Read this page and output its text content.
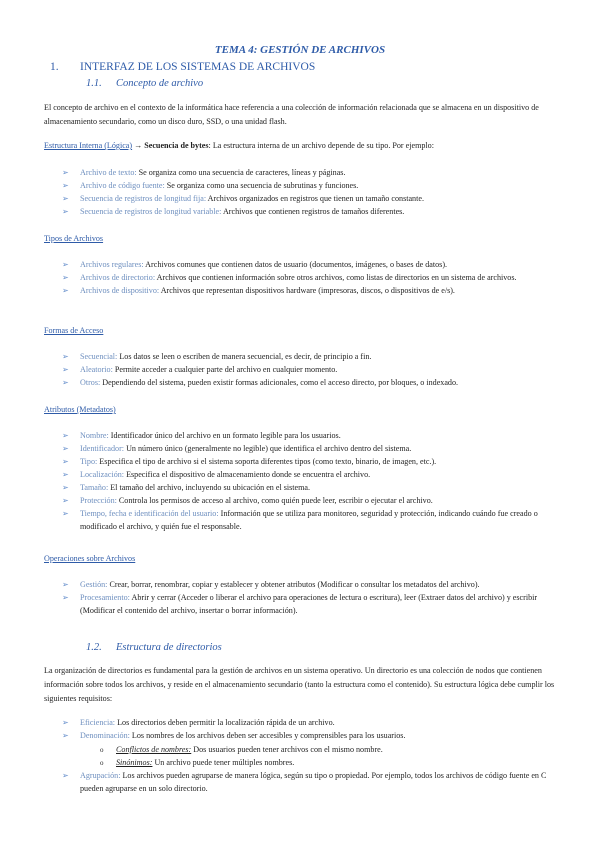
TEMA 4: GESTIÓN DE ARCHIVOS
1. INTERFAZ DE LOS SISTEMAS DE ARCHIVOS
1.1. Concepto de archivo
El concepto de archivo en el contexto de la informática hace referencia a una colección de información relacionada que se almacena en un dispositivo de almacenamiento secundario, como un disco duro, SSD, o una unidad flash.
Estructura Interna (Lógica) → Secuencia de bytes: La estructura interna de un archivo depende de su tipo. Por ejemplo:
➢ Archivo de texto: Se organiza como una secuencia de caracteres, líneas y páginas.
➢ Archivo de código fuente: Se organiza como una secuencia de subrutinas y funciones.
➢ Secuencia de registros de longitud fija: Archivos organizados en registros que tienen un tamaño constante.
➢ Secuencia de registros de longitud variable: Archivos que contienen registros de tamaños diferentes.
Tipos de Archivos
➢ Archivos regulares: Archivos comunes que contienen datos de usuario (documentos, imágenes, o bases de datos).
➢ Archivos de directorio: Archivos que contienen información sobre otros archivos, como listas de directorios en un sistema de archivos.
➢ Archivos de dispositivo: Archivos que representan dispositivos hardware (impresoras, discos, o dispositivos de e/s).
Formas de Acceso
➢ Secuencial: Los datos se leen o escriben de manera secuencial, es decir, de principio a fin.
➢ Aleatorio: Permite acceder a cualquier parte del archivo en cualquier momento.
➢ Otros: Dependiendo del sistema, pueden existir formas adicionales, como el acceso directo, por bloques, o indexado.
Atributos (Metadatos)
➢ Nombre: Identificador único del archivo en un formato legible para los usuarios.
➢ Identificador: Un número único (generalmente no legible) que identifica el archivo dentro del sistema.
➢ Tipo: Especifica el tipo de archivo si el sistema soporta diferentes tipos (como texto, binario, de imagen, etc.).
➢ Localización: Especifica el dispositivo de almacenamiento donde se encuentra el archivo.
➢ Tamaño: El tamaño del archivo, incluyendo su ubicación en el sistema.
➢ Protección: Controla los permisos de acceso al archivo, como quién puede leer, escribir o ejecutar el archivo.
➢ Tiempo, fecha e identificación del usuario: Información que se utiliza para monitoreo, seguridad y protección, indicando cuándo fue creado o modificado el archivo, y quién fue el responsable.
Operaciones sobre Archivos
➢ Gestión: Crear, borrar, renombrar, copiar y establecer y obtener atributos (Modificar o consultar los metadatos del archivo).
➢ Procesamiento: Abrir y cerrar (Acceder o liberar el archivo para operaciones de lectura o escritura), leer (Extraer datos del archivo) y escribir (Modificar el contenido del archivo, insertar o borrar información).
1.2. Estructura de directorios
La organización de directorios es fundamental para la gestión de archivos en un sistema operativo. Un directorio es una colección de nodos que contienen información sobre todos los archivos, y reside en el almacenamiento secundario (tanto la estructura como el contenido). Su estructura lógica debe cumplir los siguientes requisitos:
➢ Eficiencia: Los directorios deben permitir la localización rápida de un archivo.
➢ Denominación: Los nombres de los archivos deben ser accesibles y comprensibles para los usuarios.
o Conflictos de nombres: Dos usuarios pueden tener archivos con el mismo nombre.
o Sinónimos: Un archivo puede tener múltiples nombres.
➢ Agrupación: Los archivos pueden agruparse de manera lógica, según su tipo o propiedad. Por ejemplo, todos los archivos de código fuente en C pueden agruparse en un solo directorio.
